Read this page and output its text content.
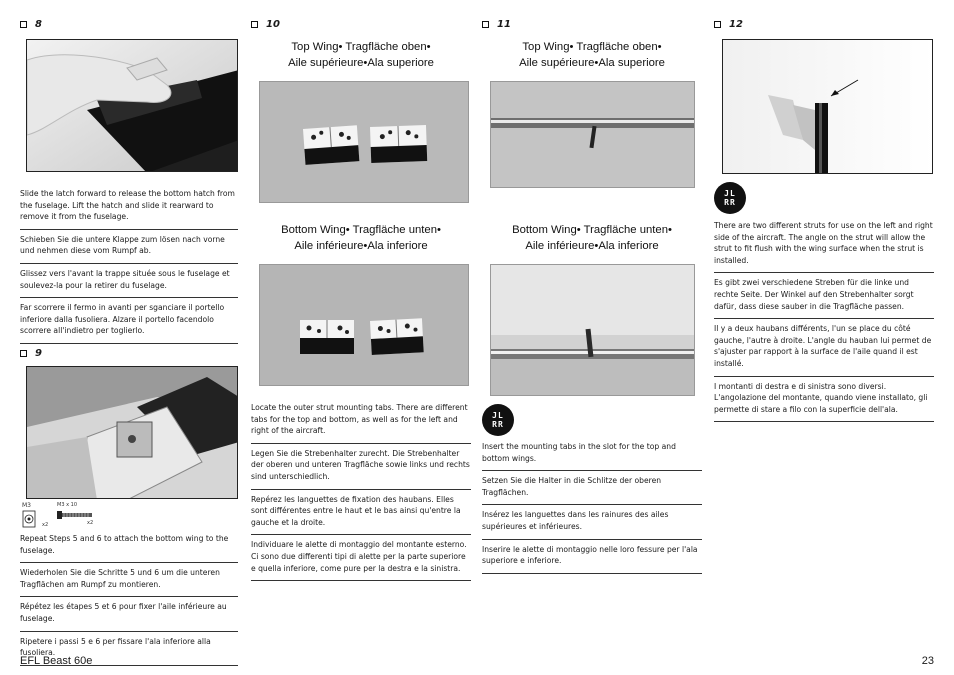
8
Slide the latch forward to release the bottom hatch from the fuselage. Lift the hatch and slide it rearward to remove it from the fuselage.
Schieben Sie die untere Klappe zum lösen nach vorne und nehmen diese vom Rumpf ab.
Glissez vers l'avant la trappe située sous le fuselage et soulevez-la pour la retirer du fuselage.
Far scorrere il fermo in avanti per sganciare il portello inferiore dalla fusoliera. Alzare il portello facendolo scorrere all'indietro per toglierlo.
9
M3
x2
M3 x 10
x2
Repeat Steps 5 and 6 to attach the bottom wing to the fuselage.
Wiederholen Sie die Schritte 5 und 6 um die unteren Tragflächen am Rumpf zu montieren.
Répétez les étapes 5 et 6 pour fixer l'aile inférieure au fuselage.
Ripetere i passi 5 e 6 per fissare l'ala inferiore alla fusoliera.
10
Top Wing• Tragfläche oben•
Aile supérieure•Ala superiore
Bottom Wing• Tragfläche unten•
Aile inférieure•Ala inferiore
Locate the outer strut mounting tabs. There are different tabs for the top and bottom, as well as for the left and right of the aircraft.
Legen Sie die Strebenhalter zurecht. Die Strebenhalter der oberen und unteren Tragfläche sowie links und rechts sind unterschiedlich.
Repérez les languettes de fixation des haubans. Elles sont différentes entre le haut et le bas ainsi qu'entre la gauche et la droite.
Individuare le alette di montaggio del montante esterno. Ci sono due differenti tipi di alette per la parte superiore e quella inferiore, come pure per la destra e la sinistra.
11
Top Wing• Tragfläche oben•
Aile supérieure•Ala superiore
Bottom Wing• Tragfläche unten•
Aile inférieure•Ala inferiore
JL
RR
Insert the mounting tabs in the slot for the top and bottom wings.
Setzen Sie die Halter in die Schlitze der oberen Tragflächen.
Insérez les languettes dans les rainures des ailes supérieures et inférieures.
Inserire le alette di montaggio nelle loro fessure per l'ala superiore e inferiore.
12
JL
RR
There are two different struts for use on the left and right side of the aircraft. The angle on the strut will allow the strut to fit flush with the wing surface when the strut is installed.
Es gibt zwei verschiedene Streben für die linke und rechte Seite. Der Winkel auf den Strebenhalter sorgt dafür, dass diese sauber in die Tragfläche passen.
Il y a deux haubans différents, l'un se place du côté gauche, l'autre à droite. L'angle du hauban lui permet de s'ajuster par rapport à la surface de l'aile quand il est installé.
I montanti di destra e di sinistra sono diversi. L'angolazione del montante, quando viene installato, gli permette di stare a filo con la superficie dell'ala.
EFL Beast 60e	23
